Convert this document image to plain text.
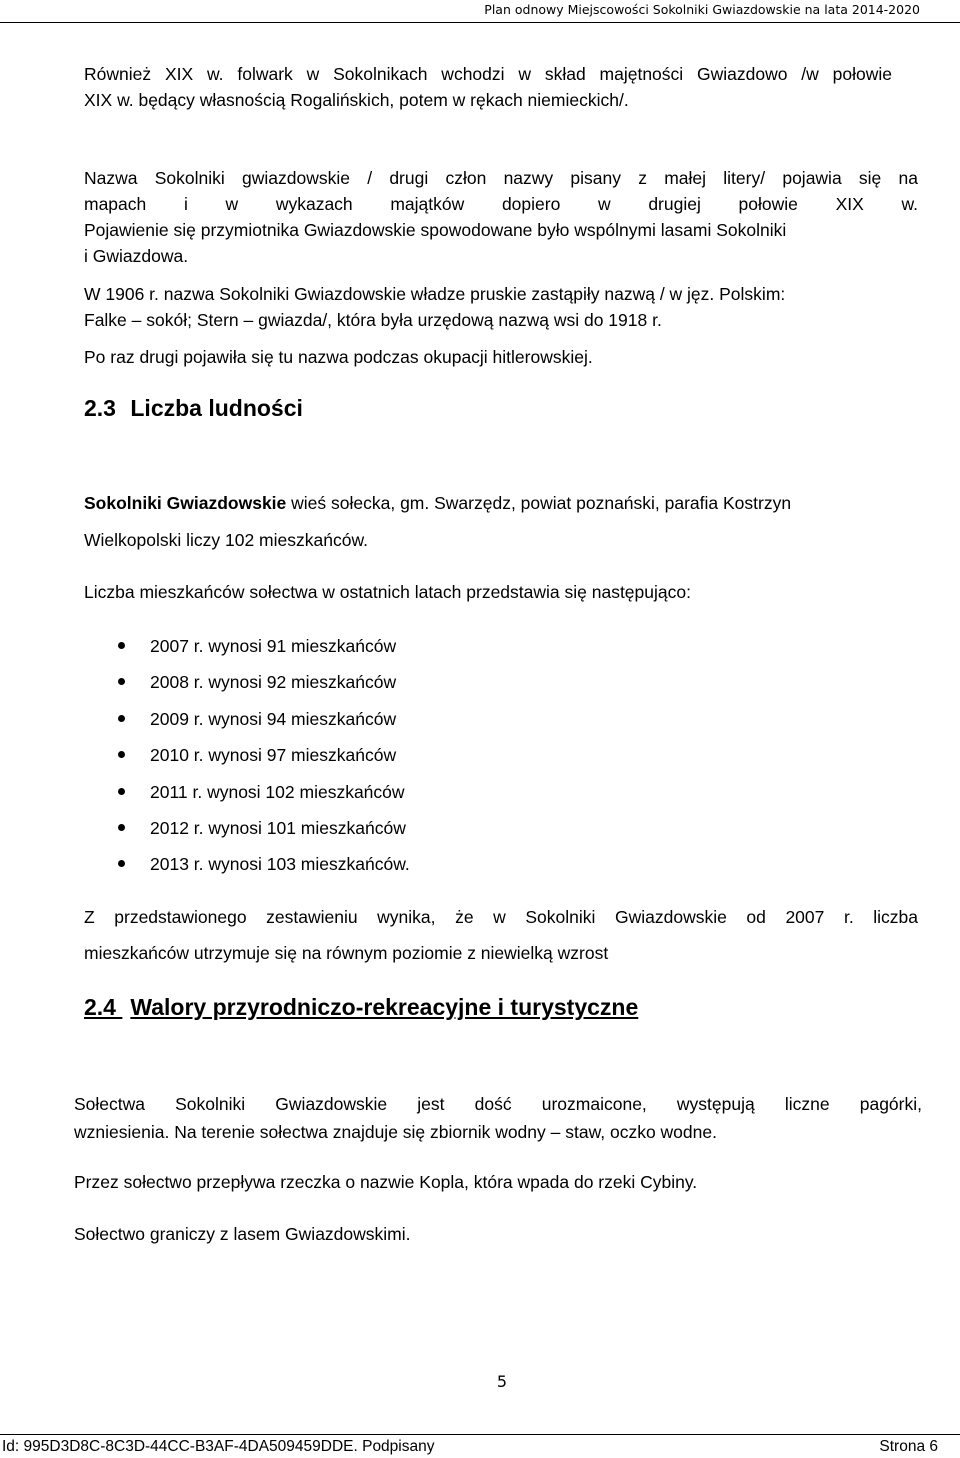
Plan odnowy Miejscowości Sokolniki Gwiazdowskie na lata 2014-2020
Również XIX w. folwark w Sokolnikach wchodzi w skład majętności Gwiazdowo /w połowie
XIX w. będący własnością Rogalińskich, potem w rękach niemieckich/.
Nazwa Sokolniki gwiazdowskie / drugi człon nazwy pisany z małej litery/ pojawia się na
mapach i w wykazach majątków dopiero w drugiej połowie XIX w.
Pojawienie się przymiotnika Gwiazdowskie spowodowane było wspólnymi lasami Sokolniki
i Gwiazdowa.
W 1906 r. nazwa Sokolniki Gwiazdowskie władze pruskie zastąpiły nazwą / w jęz. Polskim:
Falke – sokół; Stern – gwiazda/, która była urzędową nazwą wsi do 1918 r.
Po raz drugi pojawiła się tu nazwa podczas okupacji hitlerowskiej.
2.3 Liczba ludności
Sokolniki Gwiazdowskie wieś sołecka, gm. Swarzędz, powiat poznański, parafia Kostrzyn
Wielkopolski liczy 102 mieszkańców.
Liczba mieszkańców sołectwa w ostatnich latach przedstawia się następująco:
2007 r. wynosi 91 mieszkańców
2008 r. wynosi 92 mieszkańców
2009 r. wynosi 94 mieszkańców
2010 r. wynosi 97 mieszkańców
2011 r. wynosi 102 mieszkańców
2012 r. wynosi 101 mieszkańców
2013 r. wynosi 103 mieszkańców.
Z przedstawionego zestawieniu wynika, że w Sokolniki Gwiazdowskie od 2007 r. liczba
mieszkańców utrzymuje się na równym poziomie z niewielką wzrost
2.4 Walory przyrodniczo-rekreacyjne i turystyczne
Sołectwa Sokolniki Gwiazdowskie jest dość urozmaicone, występują liczne pagórki,
wzniesienia. Na terenie sołectwa znajduje się zbiornik wodny – staw, oczko wodne.
Przez sołectwo przepływa rzeczka o nazwie Kopla, która wpada do rzeki Cybiny.
Sołectwo graniczy z lasem Gwiazdowskimi.
5
Id: 995D3D8C-8C3D-44CC-B3AF-4DA509459DDE. Podpisany	Strona 6
